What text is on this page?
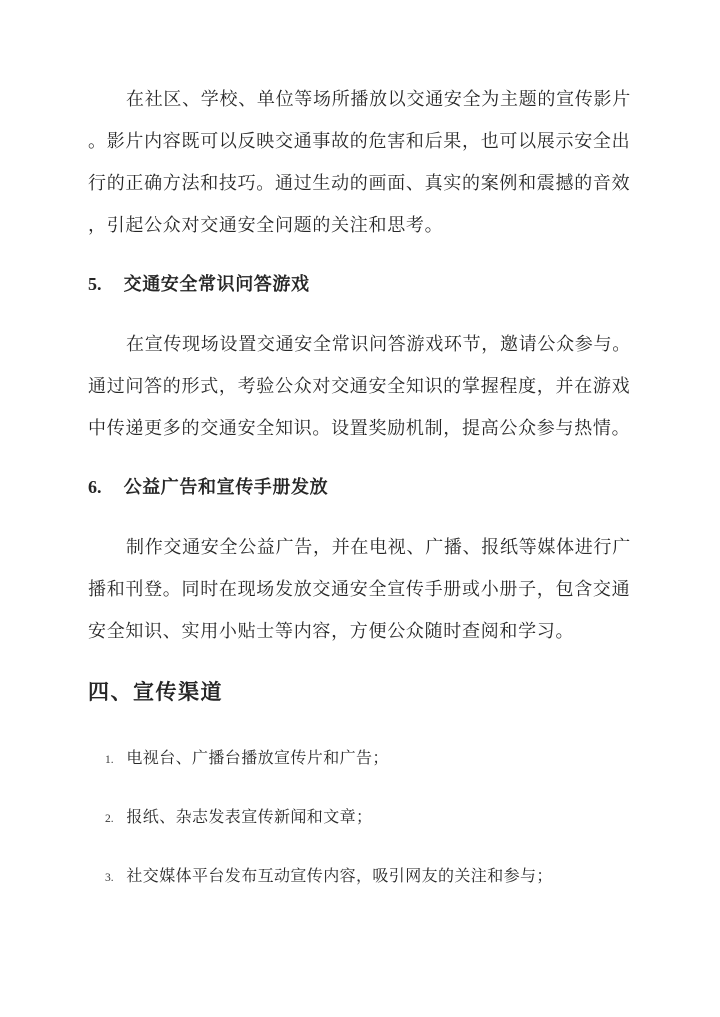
在社区、学校、单位等场所播放以交通安全为主题的宣传影片
。影片内容既可以反映交通事故的危害和后果，也可以展示安全出
行的正确方法和技巧。通过生动的画面、真实的案例和震撼的音效
，引起公众对交通安全问题的关注和思考。
5. 交通安全常识问答游戏
在宣传现场设置交通安全常识问答游戏环节，邀请公众参与。
通过问答的形式，考验公众对交通安全知识的掌握程度，并在游戏
中传递更多的交通安全知识。设置奖励机制，提高公众参与热情。
6. 公益广告和宣传手册发放
制作交通安全公益广告，并在电视、广播、报纸等媒体进行广
播和刊登。同时在现场发放交通安全宣传手册或小册子，包含交通
安全知识、实用小贴士等内容，方便公众随时查阅和学习。
四、宣传渠道
1. 电视台、广播台播放宣传片和广告；
2. 报纸、杂志发表宣传新闻和文章；
3. 社交媒体平台发布互动宣传内容，吸引网友的关注和参与；
